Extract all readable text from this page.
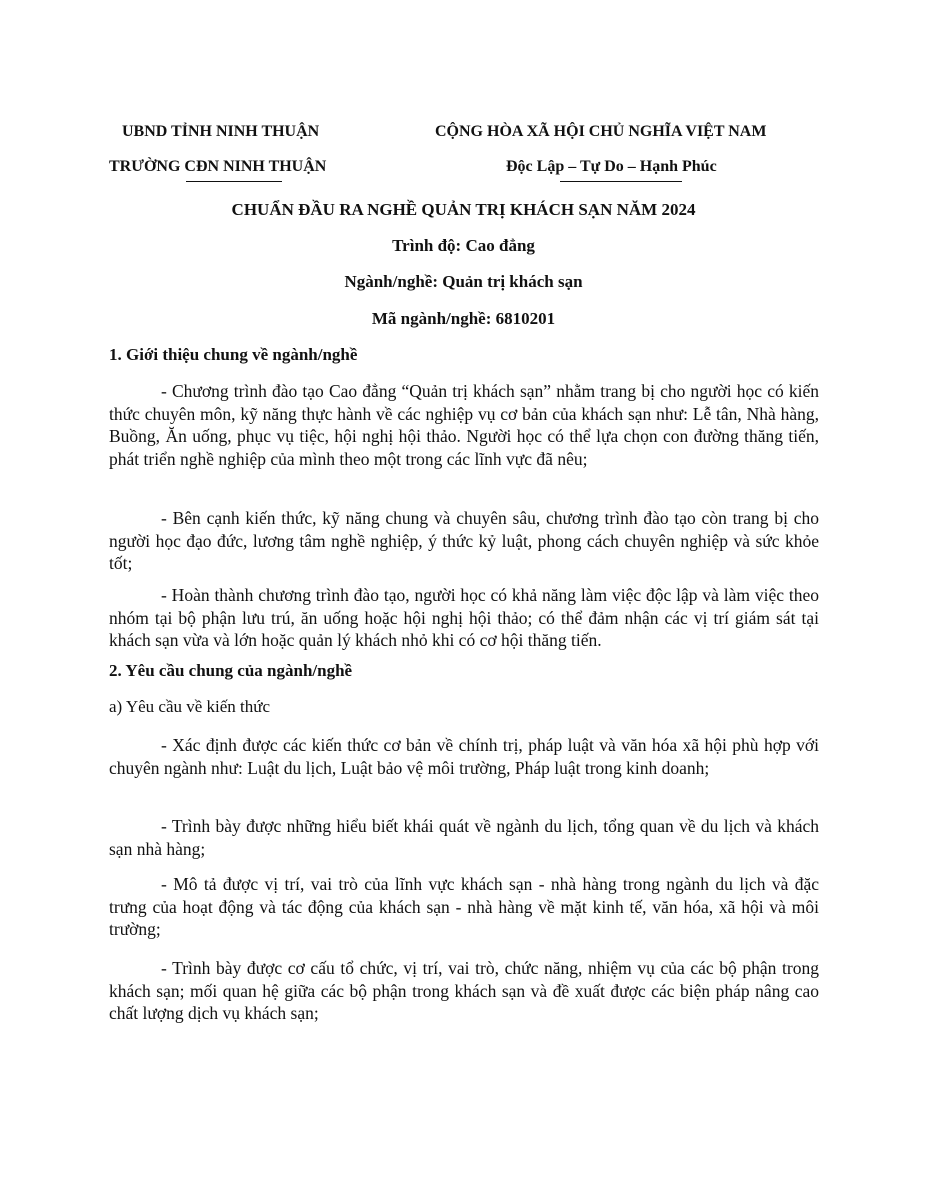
UBND TỈNH NINH THUẬN
TRƯỜNG CĐN NINH THUẬN
CỘNG HÒA XÃ HỘI CHỦ NGHĨA VIỆT NAM
Độc Lập – Tự Do – Hạnh Phúc
CHUẨN ĐẦU RA NGHỀ QUẢN TRỊ KHÁCH SẠN NĂM 2024
Trình độ: Cao đẳng
Ngành/nghề: Quản trị khách sạn
Mã ngành/nghề: 6810201
1. Giới thiệu chung về ngành/nghề

- Chương trình đào tạo Cao đẳng “Quản trị khách sạn” nhằm trang bị cho người học có kiến thức chuyên môn, kỹ năng thực hành về các nghiệp vụ cơ bản của khách sạn như: Lễ tân, Nhà hàng, Buồng, Ăn uống, phục vụ tiệc, hội nghị hội thảo. Người học có thể lựa chọn con đường thăng tiến, phát triển nghề nghiệp của mình theo một trong các lĩnh vực đã nêu;

- Bên cạnh kiến thức, kỹ năng chung và chuyên sâu, chương trình đào tạo còn trang bị cho người học đạo đức, lương tâm nghề nghiệp, ý thức kỷ luật, phong cách chuyên nghiệp và sức khỏe tốt;

- Hoàn thành chương trình đào tạo, người học có khả năng làm việc độc lập và làm việc theo nhóm tại bộ phận lưu trú, ăn uống hoặc hội nghị hội thảo; có thể đảm nhận các vị trí giám sát tại khách sạn vừa và lớn hoặc quản lý khách nhỏ khi có cơ hội thăng tiến.

2. Yêu cầu chung của ngành/nghề
a) Yêu cầu về kiến thức

- Xác định được các kiến thức cơ bản về chính trị, pháp luật và văn hóa xã hội phù hợp với chuyên ngành như: Luật du lịch, Luật bảo vệ môi trường, Pháp luật trong kinh doanh;

- Trình bày được những hiểu biết khái quát về ngành du lịch, tổng quan về du lịch và khách sạn nhà hàng;

- Mô tả được vị trí, vai trò của lĩnh vực khách sạn - nhà hàng trong ngành du lịch và đặc trưng của hoạt động và tác động của khách sạn - nhà hàng về mặt kinh tế, văn hóa, xã hội và môi trường;

- Trình bày được cơ cấu tổ chức, vị trí, vai trò, chức năng, nhiệm vụ của các bộ phận trong khách sạn; mối quan hệ giữa các bộ phận trong khách sạn và đề xuất được các biện pháp nâng cao chất lượng dịch vụ khách sạn;
